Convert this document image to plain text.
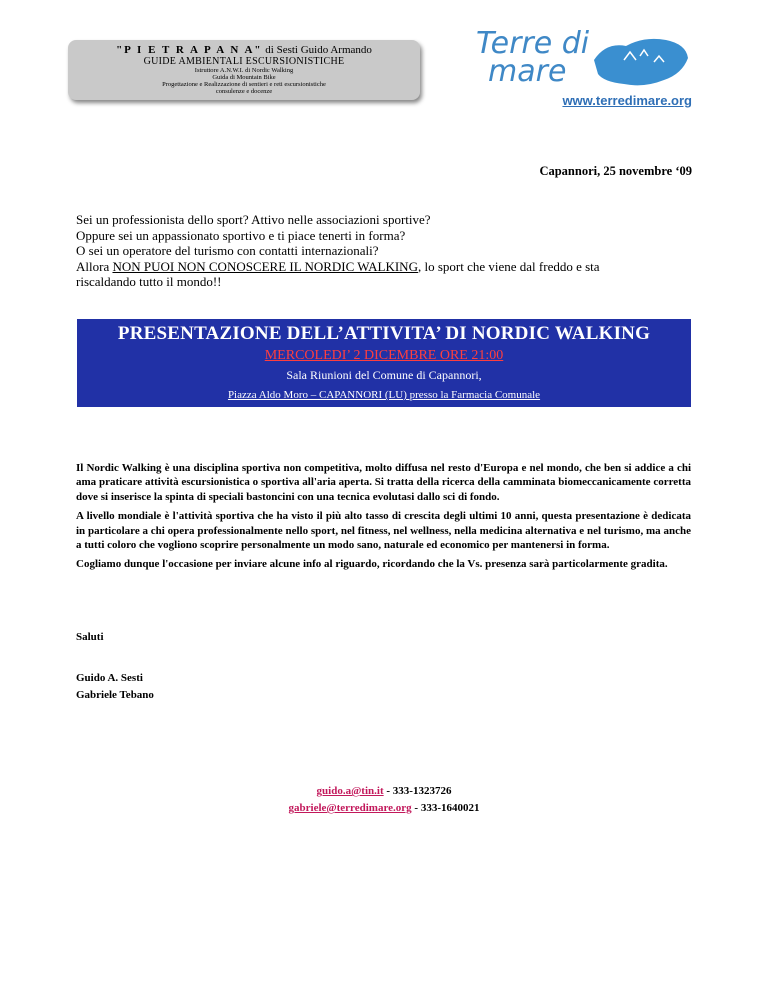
"P I E T R A P A N A" di Sesti Guido Armando
GUIDE AMBIENTALI ESCURSIONISTICHE
Istruttore A.N.W.I. di Nordic Walking
Guida di Mountain Bike
Progettazione e Realizzazione di sentieri e reti escursionistiche
consulenze e docenze
Terre di
mare
www.terredimare.org
Capannori, 25 novembre ‘09

Sei un professionista dello sport? Attivo nelle associazioni sportive?

Oppure sei un appassionato sportivo e ti piace tenerti in forma?

O sei un operatore del turismo con contatti internazionali?

Allora NON PUOI NON CONOSCERE IL NORDIC WALKING, lo sport che viene dal freddo e sta

riscaldando tutto il mondo!!

PRESENTAZIONE DELL’ATTIVITA’ DI NORDIC WALKING
MERCOLEDI’ 2 DICEMBRE ORE 21:00
Sala Riunioni del Comune di Capannori,
Piazza Aldo Moro – CAPANNORI (LU) presso la Farmacia Comunale

Il Nordic Walking è una disciplina sportiva non competitiva, molto diffusa nel resto d'Europa e nel mondo, che ben si addice a chi ama praticare attività escursionistica o sportiva all'aria aperta. Si tratta della ricerca della camminata biomeccanicamente corretta dove si inserisce la spinta di speciali bastoncini con una tecnica evolutasi dallo sci di fondo.

A livello mondiale è l'attività sportiva che ha visto il più alto tasso di crescita degli ultimi 10 anni, questa presentazione è dedicata in particolare a chi opera professionalmente nello sport, nel fitness, nel wellness, nella medicina alternativa e nel turismo, ma anche a tutti coloro che vogliono scoprire personalmente un modo sano, naturale ed economico per mantenersi in forma.

Cogliamo dunque l'occasione per inviare alcune info al riguardo, ricordando che la Vs. presenza sarà particolarmente gradita.

Saluti
Guido A. Sesti
Gabriele Tebano
guido.a@tin.it - 333-1323726
gabriele@terredimare.org - 333-1640021
